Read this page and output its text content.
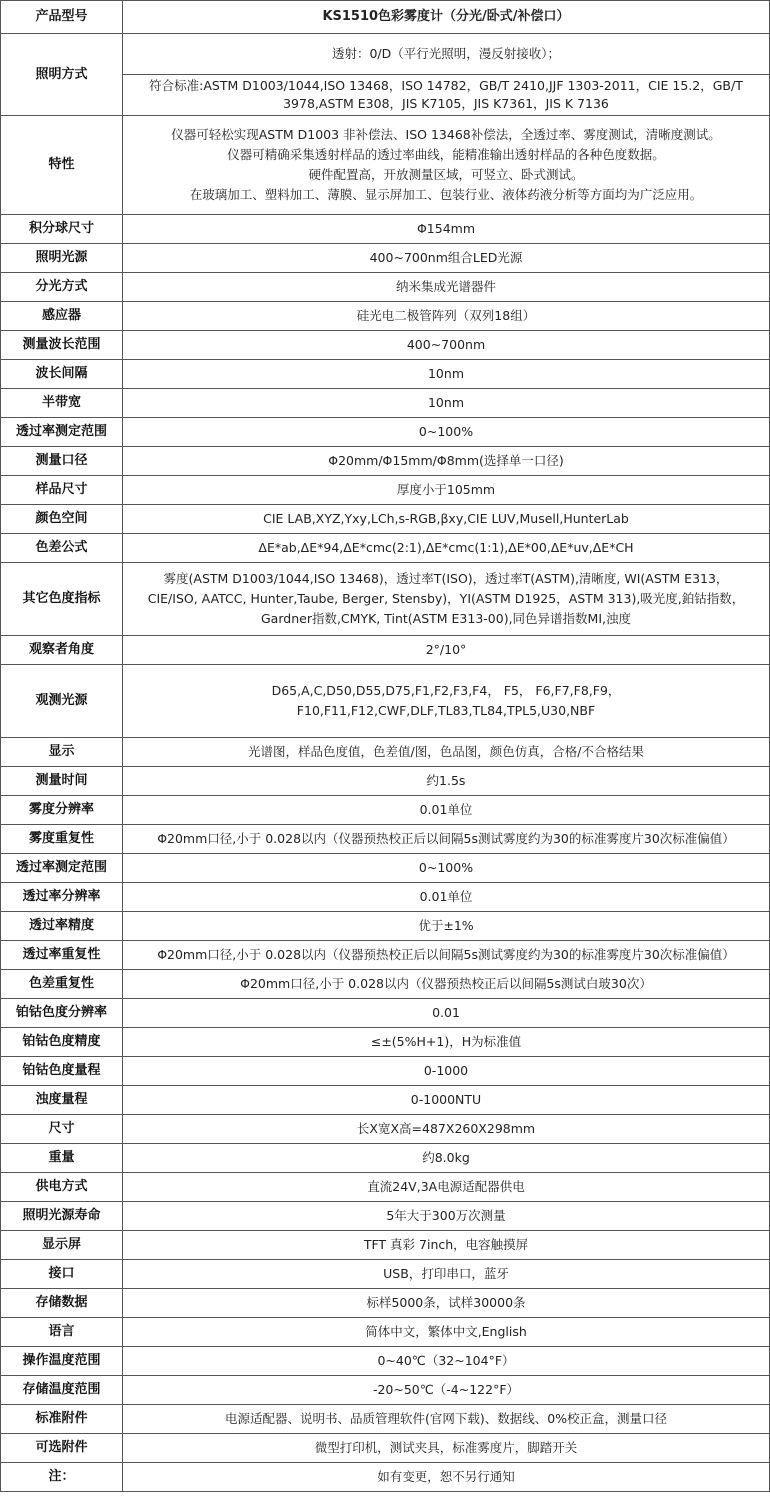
产品型号	KS1510色彩雾度计（分光/卧式/补偿口）
照明方式	透射：0/D（平行光照明，漫反射接收）；
	符合标准:ASTM D1003/1044,ISO 13468，ISO 14782，GB/T 2410,JJF 1303-2011，CIE 15.2，GB/T 3978,ASTM E308，JIS K7105，JIS K7361，JIS K 7136
特性	仪器可轻松实现ASTM D1003 非补偿法、ISO 13468补偿法，全透过率、雾度测试，清晰度测试。
仪器可精确采集透射样品的透过率曲线，能精准输出透射样品的各种色度数据。
硬件配置高，开放测量区域，可竖立、卧式测试。
在玻璃加工、塑料加工、薄膜、显示屏加工、包装行业、液体药液分析等方面均为广泛应用。

积分球尺寸	Φ154mm
照明光源	400~700nm组合LED光源
分光方式	纳米集成光谱器件
感应器	硅光电二极管阵列（双列18组）
测量波长范围	400~700nm
波长间隔	10nm
半带宽	10nm
透过率测定范围	0~100%
测量口径	Φ20mm/Φ15mm/Φ8mm(选择单一口径)
样品尺寸	厚度小于105mm
颜色空间	CIE LAB,XYZ,Yxy,LCh,s-RGB,βxy,CIE LUV,Musell,HunterLab
色差公式	ΔE*ab,ΔE*94,ΔE*cmc(2:1),ΔE*cmc(1:1),ΔE*00,ΔE*uv,ΔE*CH
其它色度指标	雾度(ASTM D1003/1044,ISO 13468)，透过率T(ISO)，透过率T(ASTM),清晰度, WI(ASTM E313，
CIE/ISO, AATCC, Hunter,Taube, Berger, Stensby)，YI(ASTM D1925，ASTM 313),吸光度,鉑钴指数，
Gardner指数,CMYK, Tint(ASTM E313-00),同色异谱指数MI,浊度

观察者角度	2°/10°
观测光源	D65,A,C,D50,D55,D75,F1,F2,F3,F4， F5， F6,F7,F8,F9，
F10,F11,F12,CWF,DLF,TL83,TL84,TPL5,U30,NBF

显示	光谱图，样品色度值，色差值/图，色品图，颜色仿真，合格/不合格结果
测量时间	约1.5s
雾度分辨率	0.01单位
雾度重复性	Φ20mm口径,小于 0.028以内（仪器预热校正后以间隔5s测试雾度约为30的标准雾度片30次标准偏值）
透过率测定范围	0~100%
透过率分辨率	0.01单位
透过率精度	优于±1%
透过率重复性	Φ20mm口径,小于 0.028以内（仪器预热校正后以间隔5s测试雾度约为30的标准雾度片30次标准偏值）
色差重复性	Φ20mm口径,小于 0.028以内（仪器预热校正后以间隔5s测试白玻30次）
铂钴色度分辨率	0.01
铂钴色度精度	≤±(5%H+1)，H为标准值
铂钴色度量程	0-1000
浊度量程	0-1000NTU
尺寸	长X宽X高=487X260X298mm
重量	约8.0kg
供电方式	直流24V,3A电源适配器供电
照明光源寿命	5年大于300万次测量
显示屏	TFT 真彩 7inch，电容触摸屏
接口	USB，打印串口，蓝牙
存储数据	标样5000条，试样30000条
语言	简体中文，繁体中文,English
操作温度范围	0~40℃（32~104°F）
存储温度范围	-20~50℃（-4~122°F）
标准附件	电源适配器、说明书、品质管理软件(官网下载)、数据线、0%校正盒，测量口径
可选附件	微型打印机，测试夹具，标准雾度片，脚踏开关
注：	如有变更，恕不另行通知
